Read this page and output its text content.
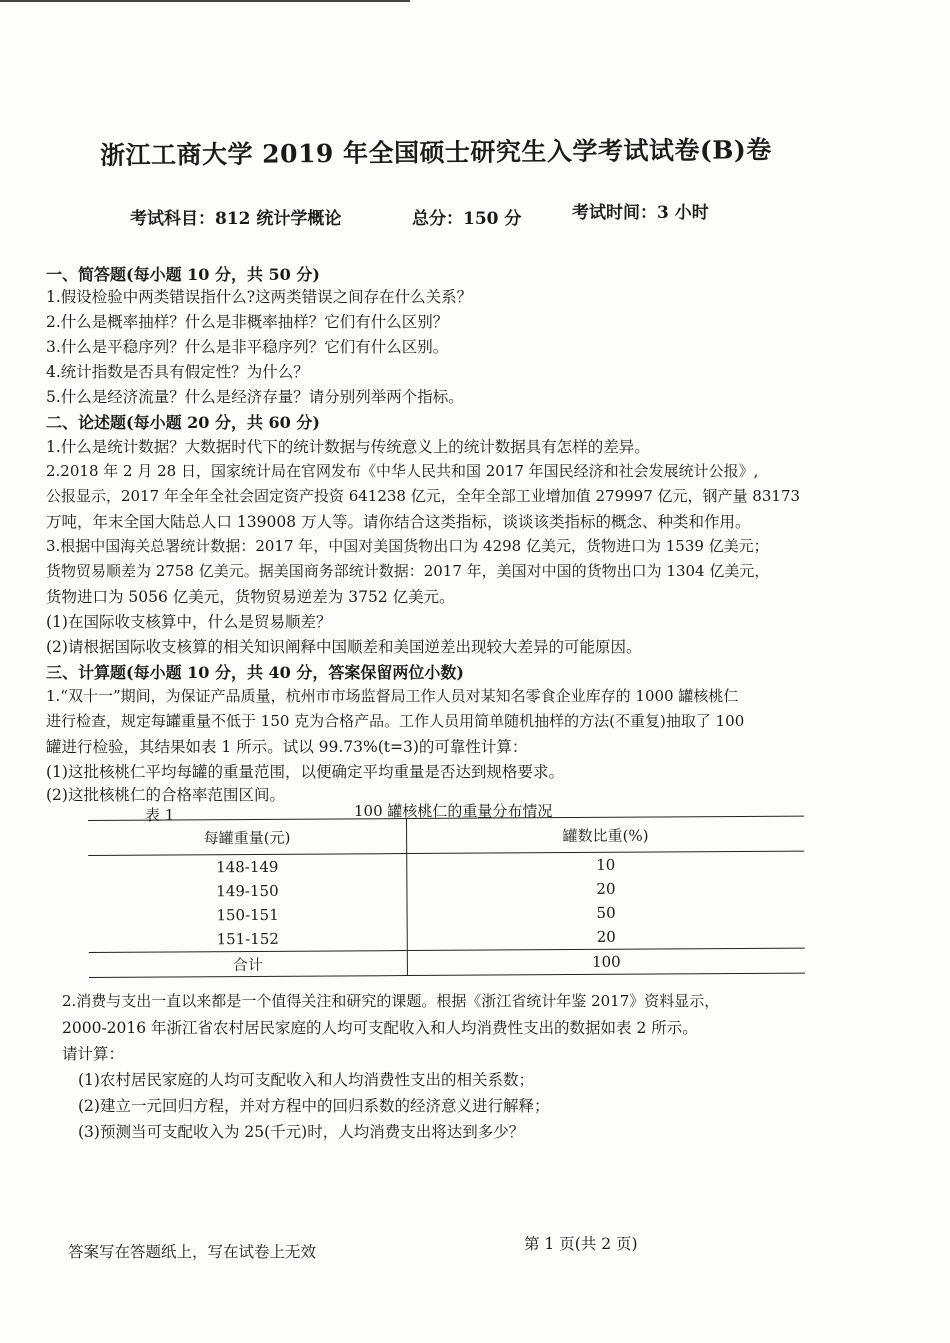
浙江工商大学 2019 年全国硕士研究生入学考试试卷(B)卷
考试科目：812 统计学概论	总分：150 分	考试时间：3 小时
一、简答题(每小题 10 分，共 50 分)
1.假设检验中两类错误指什么?这两类错误之间存在什么关系？
2.什么是概率抽样？什么是非概率抽样？它们有什么区别？
3.什么是平稳序列？什么是非平稳序列？它们有什么区别。
4.统计指数是否具有假定性？为什么？
5.什么是经济流量？什么是经济存量？请分别列举两个指标。
二、论述题(每小题 20 分，共 60 分)
1.什么是统计数据？大数据时代下的统计数据与传统意义上的统计数据具有怎样的差异。
2.2018 年 2 月 28 日，国家统计局在官网发布《中华人民共和国 2017 年国民经济和社会发展统计公报》,
公报显示，2017 年全年全社会固定资产投资 641238 亿元，全年全部工业增加值 279997 亿元，钢产量 83173
万吨，年末全国大陆总人口 139008 万人等。请你结合这类指标，谈谈该类指标的概念、种类和作用。
3.根据中国海关总署统计数据：2017 年，中国对美国货物出口为 4298 亿美元，货物进口为 1539 亿美元；
货物贸易顺差为 2758 亿美元。据美国商务部统计数据：2017 年，美国对中国的货物出口为 1304 亿美元，
货物进口为 5056 亿美元，货物贸易逆差为 3752 亿美元。
(1)在国际收支核算中，什么是贸易顺差？
(2)请根据国际收支核算的相关知识阐释中国顺差和美国逆差出现较大差异的可能原因。
三、计算题(每小题 10 分，共 40 分，答案保留两位小数)
1.“双十一”期间，为保证产品质量，杭州市市场监督局工作人员对某知名零食企业库存的 1000 罐核桃仁
进行检查，规定每罐重量不低于 150 克为合格产品。工作人员用简单随机抽样的方法(不重复)抽取了 100
罐进行检验，其结果如表 1 所示。试以 99.73%(t=3)的可靠性计算：
(1)这批核桃仁平均每罐的重量范围，以便确定平均重量是否达到规格要求。
(2)这批核桃仁的合格率范围区间。
表 1	100 罐核桃仁的重量分布情况
每罐重量(元)	罐数比重(%)
148-149	10
149-150	20
150-151	50
151-152	20
合计	100
2.消费与支出一直以来都是一个值得关注和研究的课题。根据《浙江省统计年鉴 2017》资料显示，
2000-2016 年浙江省农村居民家庭的人均可支配收入和人均消费性支出的数据如表 2 所示。
请计算：
(1)农村居民家庭的人均可支配收入和人均消费性支出的相关系数；
(2)建立一元回归方程，并对方程中的回归系数的经济意义进行解释；
(3)预测当可支配收入为 25(千元)时，人均消费支出将达到多少？
答案写在答题纸上，写在试卷上无效	第 1 页(共 2 页)
